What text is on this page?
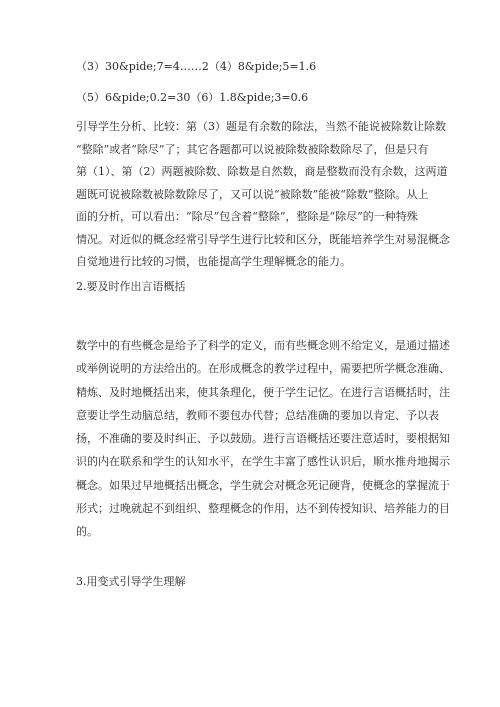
（3）30&pide;7=4……2（4）8&pide;5=1.6
（5）6&pide;0.2=30（6）1.8&pide;3=0.6
引导学生分析、比较：第（3）题是有余数的除法，当然不能说被除数让除数
“整除”或者“除尽”了；其它各题都可以说被除数被除数除尽了，但是只有
第（1）、第（2）两题被除数、除数是自然数，商是整数而没有余数，这两道
题既可说被除数被除数除尽了，又可以说“被除数”能被“除数”整除。从上
面的分析，可以看出：“除尽”包含着“整除”，整除是“除尽”的一种特殊
情况。对近似的概念经常引导学生进行比较和区分，既能培养学生对易混概念
自觉地进行比较的习惯，也能提高学生理解概念的能力。
2.要及时作出言语概括
数学中的有些概念是给予了科学的定义，而有些概念则不给定义，是通过描述
或举例说明的方法给出的。在形成概念的教学过程中，需要把所学概念准确、
精炼、及时地概括出来，使其条理化，便于学生记忆。在进行言语概括时，注
意要让学生动脑总结，教师不要包办代替；总结准确的要加以肯定、予以表
扬，不准确的要及时纠正、予以鼓励。进行言语概括还要注意适时，要根据知
识的内在联系和学生的认知水平，在学生丰富了感性认识后，顺水推舟地揭示
概念。如果过早地概括出概念，学生就会对概念死记硬背，使概念的掌握流于
形式；过晚就起不到组织、整理概念的作用，达不到传授知识、培养能力的目
的。
3.用变式引导学生理解
